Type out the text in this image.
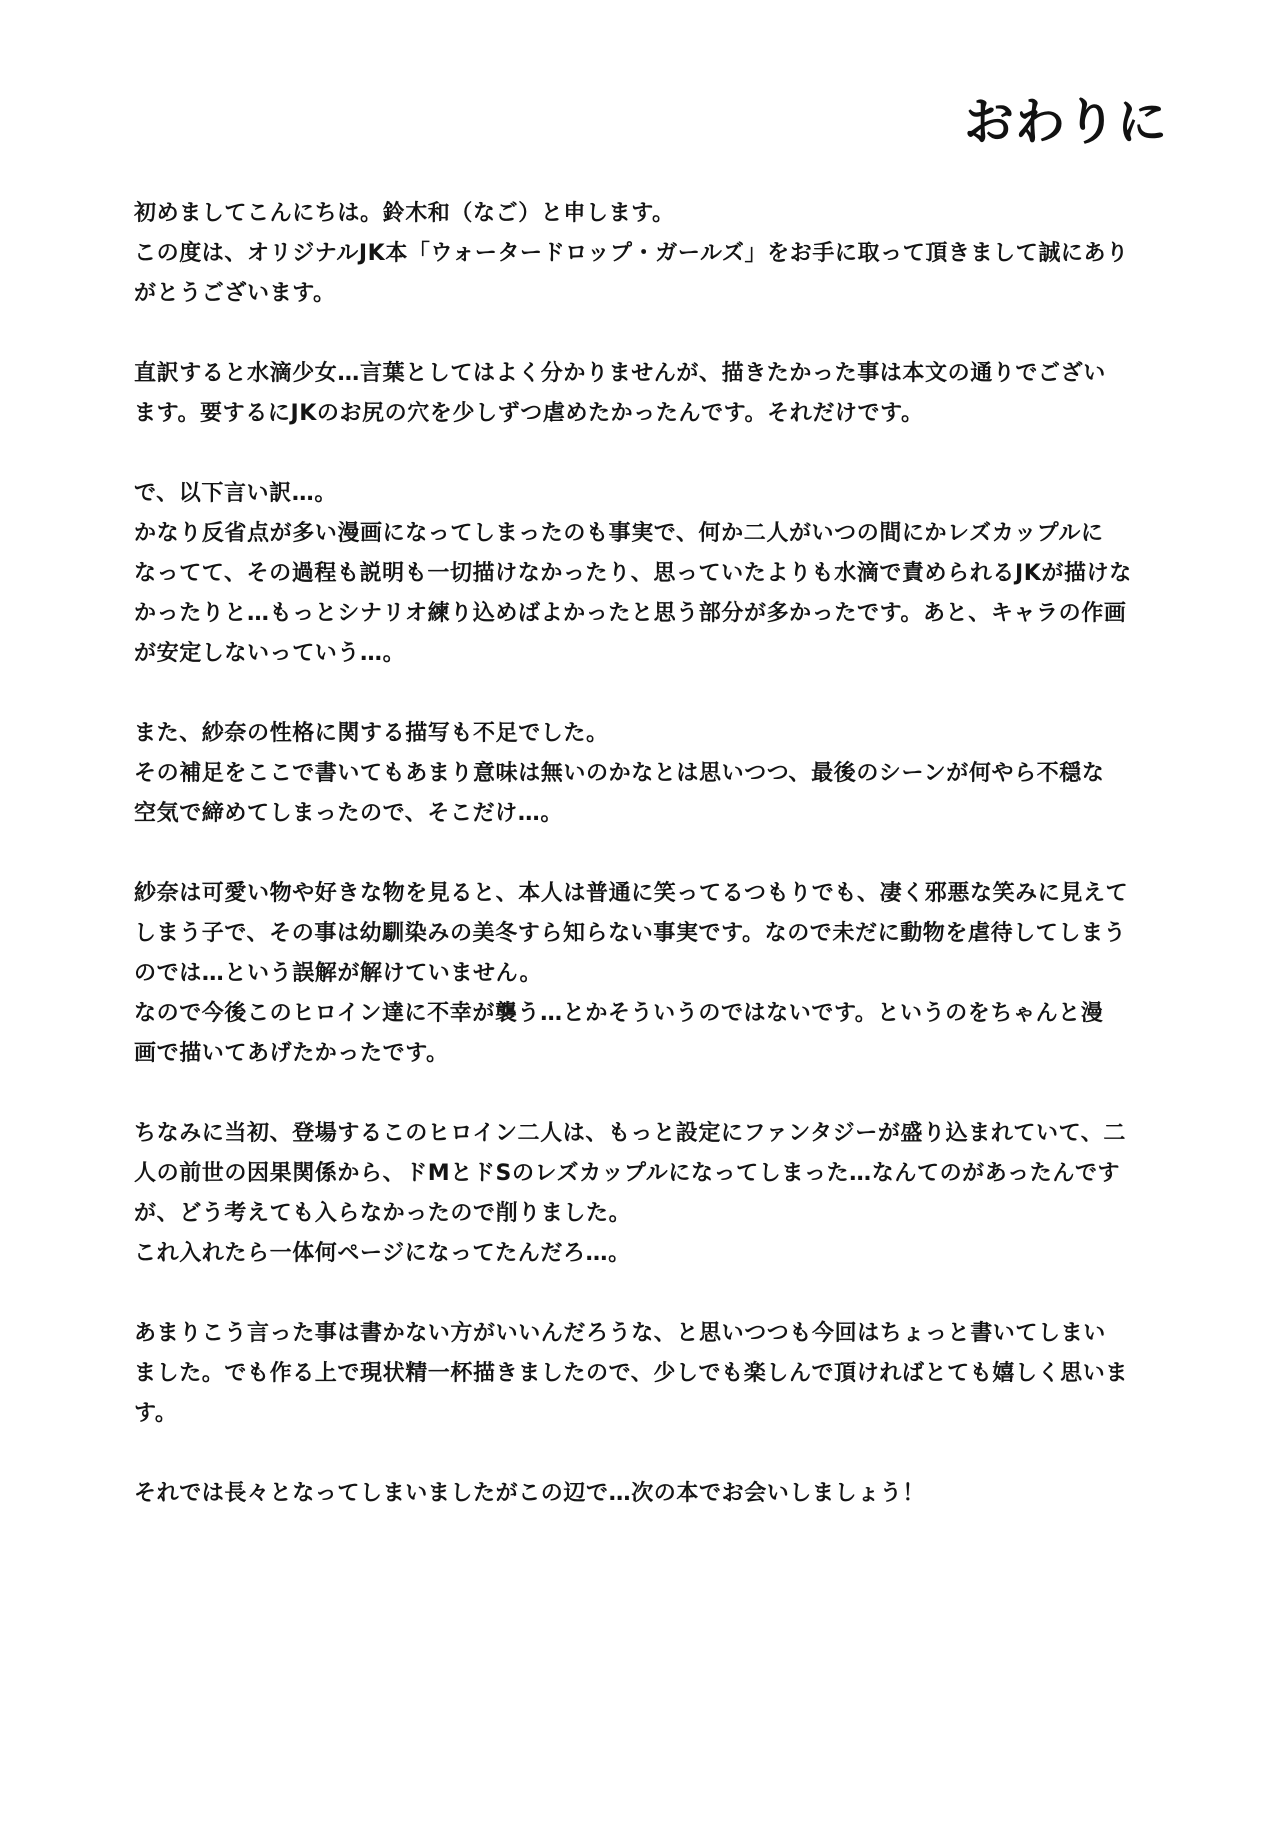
おわりに
初めましてこんにちは。鈴木和（なご）と申します。
この度は、オリジナルJK本「ウォータードロップ・ガールズ」をお手に取って頂きまして誠にあり
がとうございます。
直訳すると水滴少女…言葉としてはよく分かりませんが、描きたかった事は本文の通りでござい
ます。要するにJKのお尻の穴を少しずつ虐めたかったんです。それだけです。
で、以下言い訳…。
かなり反省点が多い漫画になってしまったのも事実で、何か二人がいつの間にかレズカップルに
なってて、その過程も説明も一切描けなかったり、思っていたよりも水滴で責められるJKが描けな
かったりと…もっとシナリオ練り込めばよかったと思う部分が多かったです。あと、キャラの作画
が安定しないっていう…。
また、紗奈の性格に関する描写も不足でした。
その補足をここで書いてもあまり意味は無いのかなとは思いつつ、最後のシーンが何やら不穏な
空気で締めてしまったので、そこだけ…。
紗奈は可愛い物や好きな物を見ると、本人は普通に笑ってるつもりでも、凄く邪悪な笑みに見えて
しまう子で、その事は幼馴染みの美冬すら知らない事実です。なので未だに動物を虐待してしまう
のでは…という誤解が解けていません。
なので今後このヒロイン達に不幸が襲う…とかそういうのではないです。というのをちゃんと漫
画で描いてあげたかったです。
ちなみに当初、登場するこのヒロイン二人は、もっと設定にファンタジーが盛り込まれていて、二
人の前世の因果関係から、ドMとドSのレズカップルになってしまった…なんてのがあったんです
が、どう考えても入らなかったので削りました。
これ入れたら一体何ページになってたんだろ…。
あまりこう言った事は書かない方がいいんだろうな、と思いつつも今回はちょっと書いてしまい
ました。でも作る上で現状精一杯描きましたので、少しでも楽しんで頂ければとても嬉しく思いま
す。
それでは長々となってしまいましたがこの辺で…次の本でお会いしましょう！
